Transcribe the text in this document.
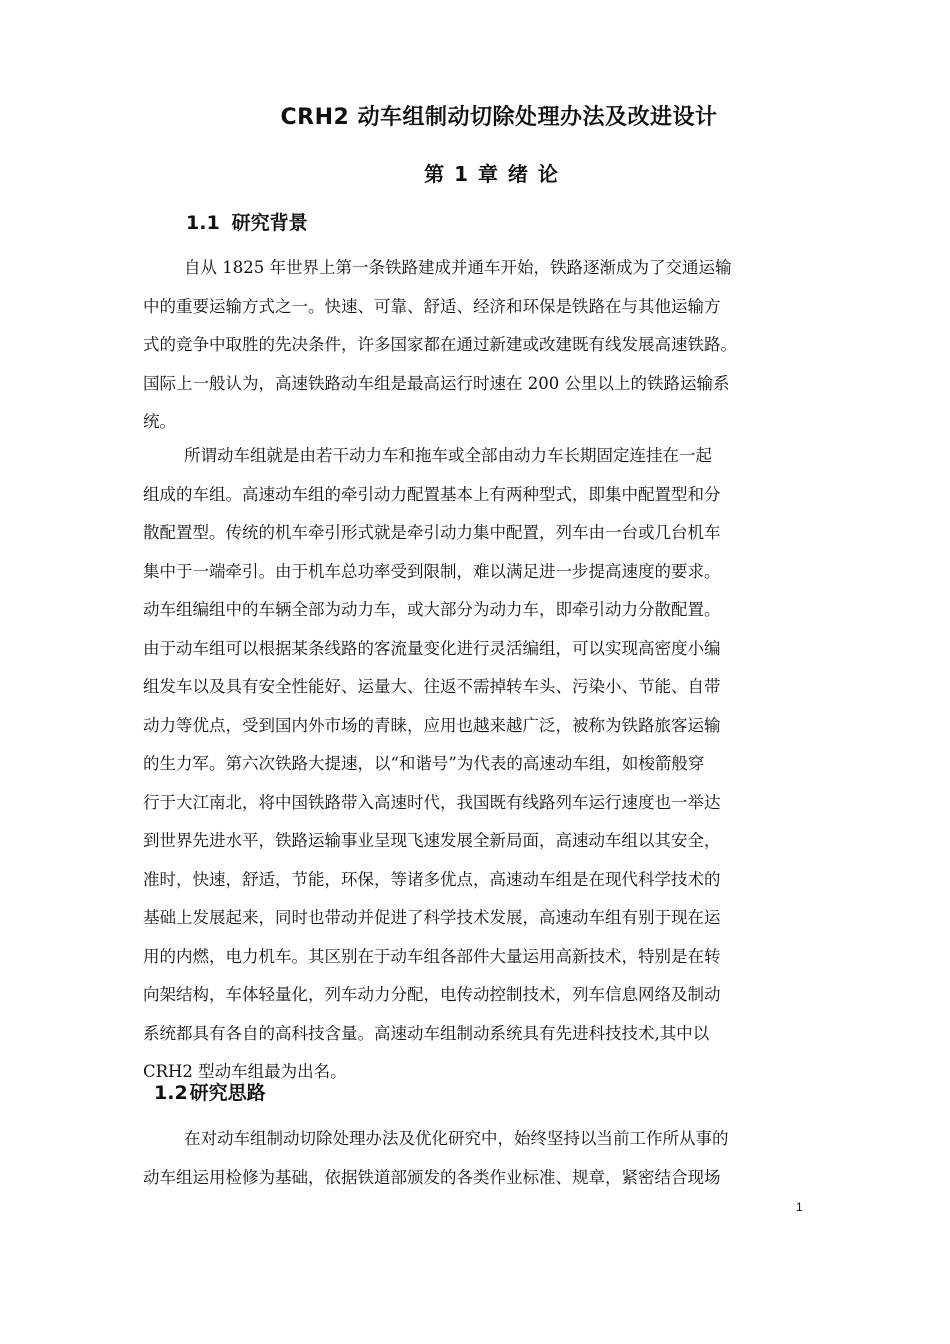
CRH2 动车组制动切除处理办法及改进设计
第 1 章 绪 论
1.1 研究背景
自从 1825 年世界上第一条铁路建成并通车开始，铁路逐渐成为了交通运输
中的重要运输方式之一。快速、可靠、舒适、经济和环保是铁路在与其他运输方
式的竞争中取胜的先决条件，许多国家都在通过新建或改建既有线发展高速铁路。
国际上一般认为，高速铁路动车组是最高运行时速在 200 公里以上的铁路运输系
统。
所谓动车组就是由若干动力车和拖车或全部由动力车长期固定连挂在一起
组成的车组。高速动车组的牵引动力配置基本上有两种型式，即集中配置型和分
散配置型。传统的机车牵引形式就是牵引动力集中配置，列车由一台或几台机车
集中于一端牵引。由于机车总功率受到限制，难以满足进一步提高速度的要求。
动车组编组中的车辆全部为动力车，或大部分为动力车，即牵引动力分散配置。
由于动车组可以根据某条线路的客流量变化进行灵活编组，可以实现高密度小编
组发车以及具有安全性能好、运量大、往返不需掉转车头、污染小、节能、自带
动力等优点，受到国内外市场的青睐，应用也越来越广泛，被称为铁路旅客运输
的生力军。第六次铁路大提速，以“和谐号”为代表的高速动车组，如梭箭般穿
行于大江南北，将中国铁路带入高速时代，我国既有线路列车运行速度也一举达
到世界先进水平，铁路运输事业呈现飞速发展全新局面，高速动车组以其安全，
准时，快速，舒适，节能，环保，等诸多优点，高速动车组是在现代科学技术的
基础上发展起来，同时也带动并促进了科学技术发展，高速动车组有别于现在运
用的内燃，电力机车。其区别在于动车组各部件大量运用高新技术，特别是在转
向架结构，车体轻量化，列车动力分配，电传动控制技术，列车信息网络及制动
系统都具有各自的高科技含量。高速动车组制动系统具有先进科技技术,其中以
CRH2 型动车组最为出名。
1.2 研究思路
在对动车组制动切除处理办法及优化研究中，始终坚持以当前工作所从事的
动车组运用检修为基础，依据铁道部颁发的各类作业标准、规章，紧密结合现场
1
